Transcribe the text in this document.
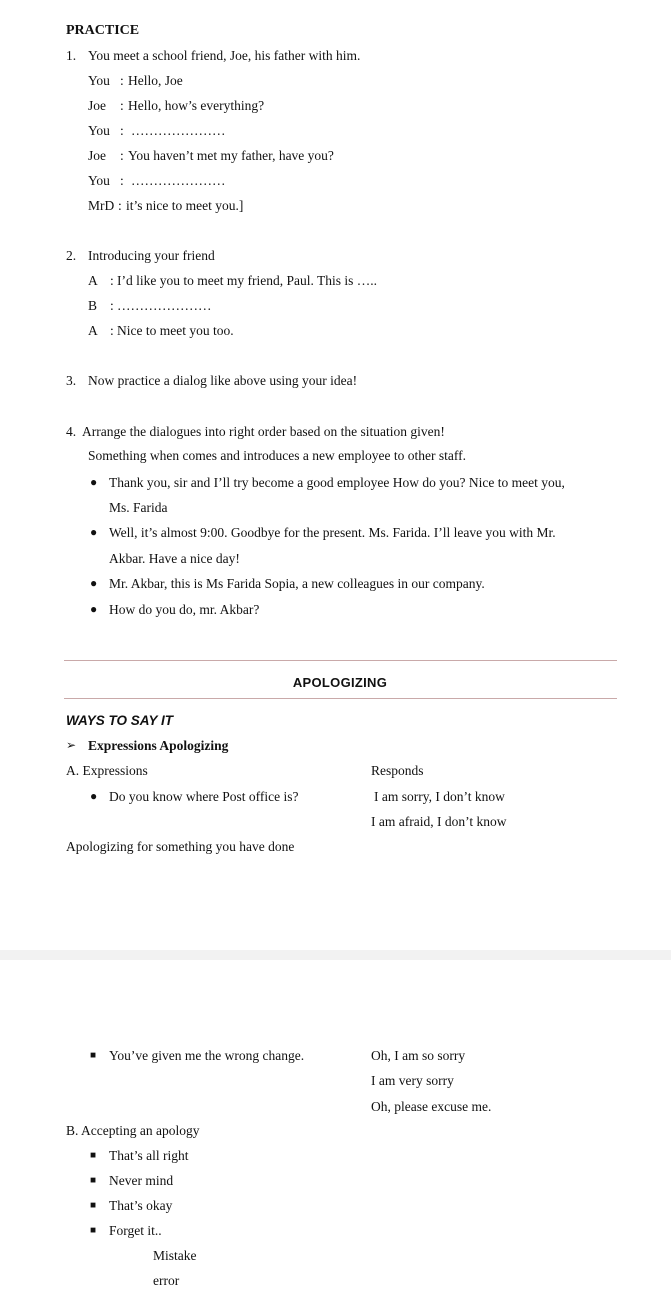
PRACTICE
1. You meet a school friend, Joe, his father with him.
You : Hello, Joe
Joe : Hello, how’s everything?
You : …………………
Joe : You haven’t met my father, have you?
You : …………………
MrD : it’s nice to meet you.]
2. Introducing your friend
A : I’d like you to meet my friend, Paul. This is …..
B : …………………
A : Nice to meet you too.
3. Now practice a dialog like above using your idea!
4. Arrange the dialogues into right order based on the situation given!
Something when comes and introduces a new employee to other staff.
● Thank you, sir and I’ll try become a good employee How do you? Nice to meet you,
Ms. Farida
● Well, it’s almost 9:00. Goodbye for the present. Ms. Farida. I’ll leave you with Mr.
Akbar. Have a nice day!
● Mr. Akbar, this is Ms Farida Sopia, a new colleagues in our company.
● How do you do, mr. Akbar?
APOLOGIZING
WAYS TO SAY IT
➢ Expressions Apologizing
A. Expressions	Responds
● Do you know where Post office is?	I am sorry, I don’t know
I am afraid, I don’t know
Apologizing for something you have done
■ You’ve given me the wrong change.	Oh, I am so sorry
I am very sorry
Oh, please excuse me.
B. Accepting an apology
■ That’s all right
■ Never mind
■ That’s okay
■ Forget it..
Mistake
error
